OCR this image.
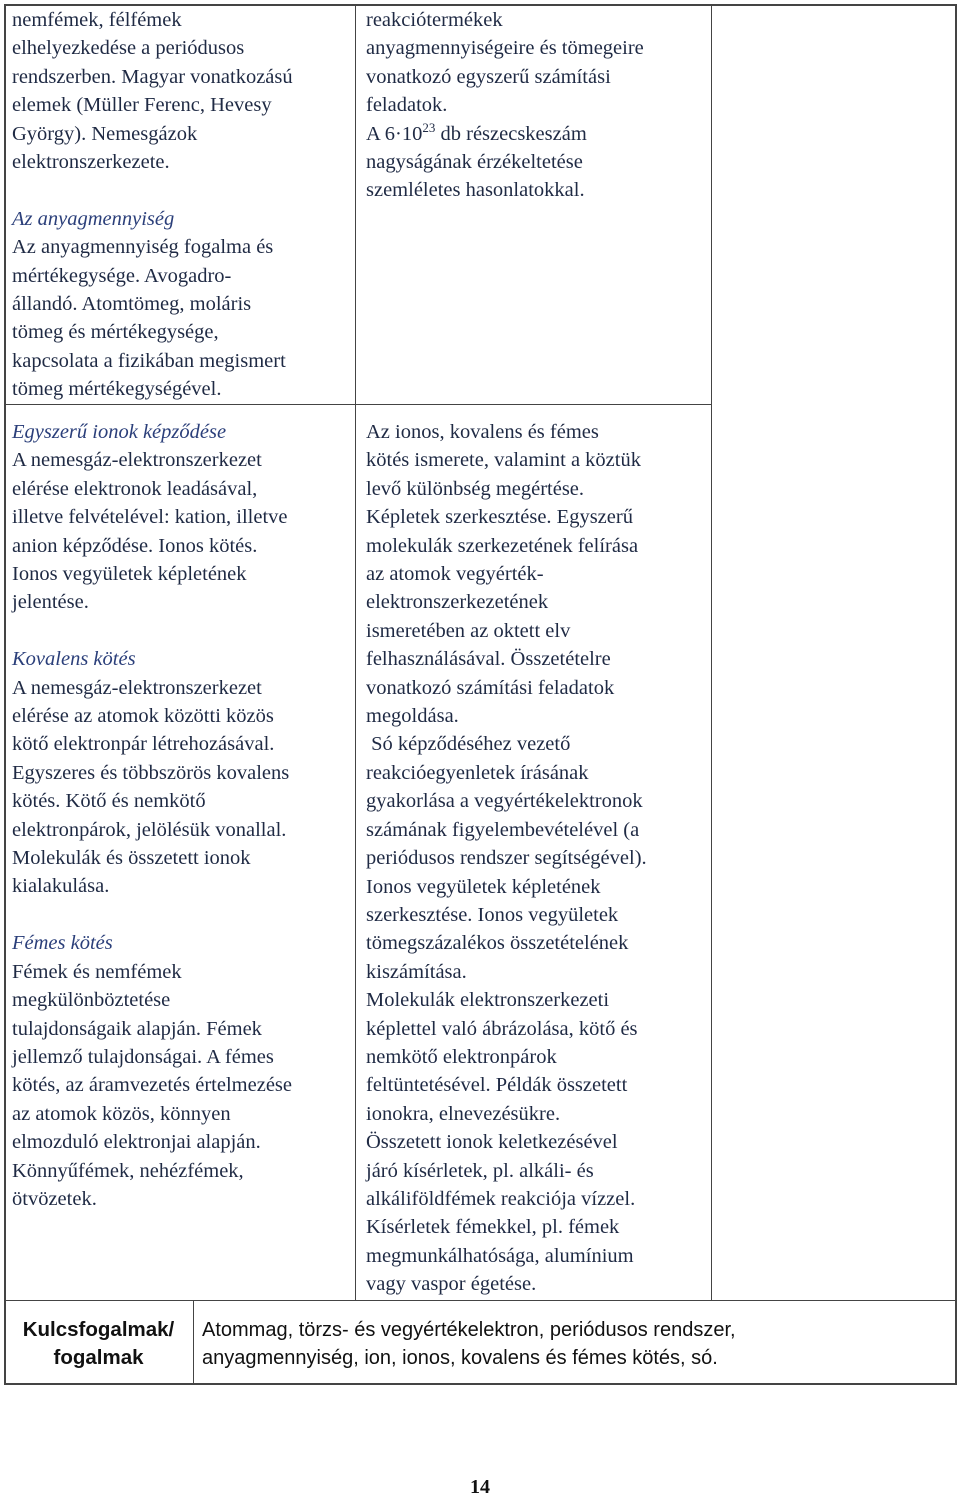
nemfémek, félfémek

elhelyezkedése a periódusos

rendszerben. Magyar vonatkozású

elemek (Müller Ferenc, Hevesy

György). Nemesgázok

elektronszerkezete.

Az anyagmennyiség

Az anyagmennyiség fogalma és

mértékegysége. Avogadro-

állandó. Atomtömeg, moláris

tömeg és mértékegysége,

kapcsolata a fizikában megismert

tömeg mértékegységével.

Egyszerű ionok képződése

A nemesgáz-elektronszerkezet

elérése elektronok leadásával,

illetve felvételével: kation, illetve

anion képződése. Ionos kötés.

Ionos vegyületek képletének

jelentése.

Kovalens kötés

A nemesgáz-elektronszerkezet

elérése az atomok közötti közös

kötő elektronpár létrehozásával.

Egyszeres és többszörös kovalens

kötés. Kötő és nemkötő

elektronpárok, jelölésük vonallal.

Molekulák és összetett ionok

kialakulása.

Fémes kötés

Fémek és nemfémek

megkülönböztetése

tulajdonságaik alapján. Fémek

jellemző tulajdonságai. A fémes

kötés, az áramvezetés értelmezése

az atomok közös, könnyen

elmozduló elektronjai alapján.

Könnyűfémek, nehézfémek,

ötvözetek.

reakciótermékek

anyagmennyiségeire és tömegeire

vonatkozó egyszerű számítási

feladatok.

A $6\cdot 10^{23}$ db részecskeszám

nagyságának érzékeltetése

szemléletes hasonlatokkal.

Az ionos, kovalens és fémes

kötés ismerete, valamint a köztük

levő különbség megértése.

Képletek szerkesztése. Egyszerű

molekulák szerkezetének felírása

az atomok vegyérték-

elektronszerkezetének

ismeretében az oktett elv

felhasználásával. Összetételre

vonatkozó számítási feladatok

megoldása.

Só képződéséhez vezető

reakcióegyenletek írásának

gyakorlása a vegyértékelektronok

számának figyelembevételével (a

periódusos rendszer segítségével).

Ionos vegyületek képletének

szerkesztése. Ionos vegyületek

tömegszázalékos összetételének

kiszámítása.

Molekulák elektronszerkezeti

képlettel való ábrázolása, kötő és

nemkötő elektronpárok

feltüntetésével. Példák összetett

ionokra, elnevezésükre.

Összetett ionok keletkezésével

járó kísérletek, pl. alkáli- és

alkáliföldfémek reakciója vízzel.

Kísérletek fémekkel, pl. fémek

megmunkálhatósága, alumínium

vagy vaspor égetése.

Kulcsfogalmak/
fogalmak
Atommag, törzs- és vegyértékelektron, periódusos rendszer,
anyagmennyiség, ion, ionos, kovalens és fémes kötés, só.
14
